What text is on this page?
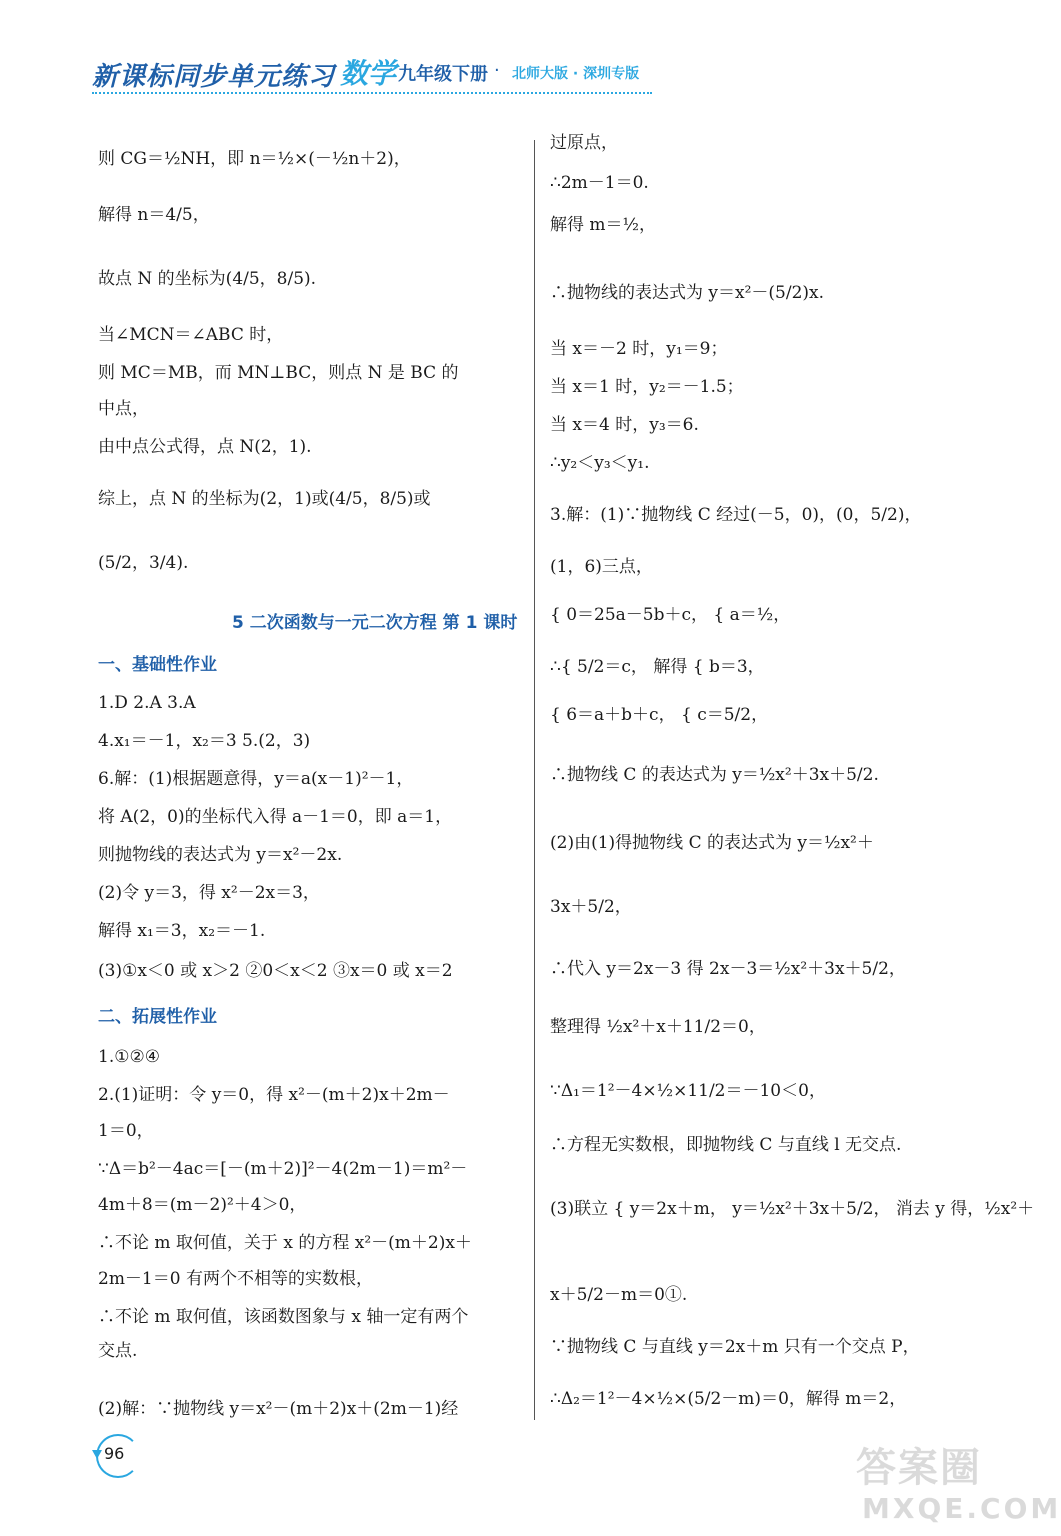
新课标同步单元练习 数学 九年级下册 · 北师大版 · 深圳专版
则 CG＝½NH，即 n＝½×(－½n＋2)，
解得 n＝4/5，
故点 N 的坐标为(4/5，8/5).
当∠MCN＝∠ABC 时，
则 MC＝MB，而 MN⊥BC，则点 N 是 BC 的
中点，
由中点公式得，点 N(2，1).
综上，点 N 的坐标为(2，1)或(4/5，8/5)或
(5/2，3/4).
5 二次函数与一元二次方程 第 1 课时
一、基础性作业
1.D 2.A 3.A
4.x₁＝－1，x₂＝3 5.(2，3)
6.解：(1)根据题意得，y＝a(x－1)²－1，
将 A(2，0)的坐标代入得 a－1＝0，即 a＝1，
则抛物线的表达式为 y＝x²－2x.
(2)令 y＝3，得 x²－2x＝3，
解得 x₁＝3，x₂＝－1.
(3)①x＜0 或 x＞2 ②0＜x＜2 ③x＝0 或 x＝2
二、拓展性作业
1.①②④
2.(1)证明：令 y＝0，得 x²－(m＋2)x＋2m－
1＝0，
∵Δ＝b²－4ac＝[－(m＋2)]²－4(2m－1)＝m²－
4m＋8＝(m－2)²＋4＞0，
∴不论 m 取何值，关于 x 的方程 x²－(m＋2)x＋
2m－1＝0 有两个不相等的实数根，
∴不论 m 取何值，该函数图象与 x 轴一定有两个
交点.
(2)解：∵抛物线 y＝x²－(m＋2)x＋(2m－1)经
过原点，
∴2m－1＝0.
解得 m＝½，
∴抛物线的表达式为 y＝x²－(5/2)x.
当 x＝－2 时，y₁＝9；
当 x＝1 时，y₂＝－1.5；
当 x＝4 时，y₃＝6.
∴y₂＜y₃＜y₁.
3.解：(1)∵抛物线 C 经过(－5，0)，(0，5/2)，
(1，6)三点，
{ 0＝25a－5b＋c， { a＝½，
∴{ 5/2＝c， 解得 { b＝3，
{ 6＝a＋b＋c， { c＝5/2，
∴抛物线 C 的表达式为 y＝½x²＋3x＋5/2.
(2)由(1)得抛物线 C 的表达式为 y＝½x²＋
3x＋5/2，
∴代入 y＝2x－3 得 2x－3＝½x²＋3x＋5/2，
整理得 ½x²＋x＋11/2＝0，
∵Δ₁＝1²－4×½×11/2＝－10＜0，
∴方程无实数根，即抛物线 C 与直线 l 无交点.
(3)联立 { y＝2x＋m， y＝½x²＋3x＋5/2， 消去 y 得，½x²＋
x＋5/2－m＝0①.
∵抛物线 C 与直线 y＝2x＋m 只有一个交点 P，
∴Δ₂＝1²－4×½×(5/2－m)＝0，解得 m＝2，
96	答案圈
MXQE.COM
